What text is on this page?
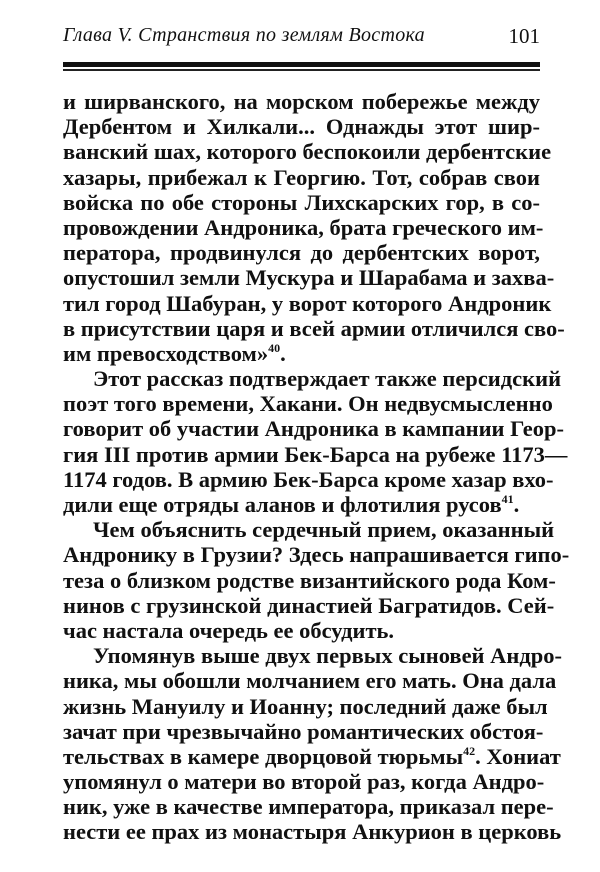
Глава V. Странствия по землям Востока	101
и ширванского, на морском побережье между
Дербентом и Хилкали... Однажды этот шир-
ванский шах, которого беспокоили дербентские
хазары, прибежал к Георгию. Тот, собрав свои
войска по обе стороны Лихскарских гор, в со-
провождении Андроника, брата греческого им-
ператора, продвинулся до дербентских ворот,
опустошил земли Мускура и Шарабама и захва-
тил город Шабуран, у ворот которого Андроник
в присутствии царя и всей армии отличился сво-
им превосходством»$^{40}$.
Этот рассказ подтверждает также персидский
поэт того времени, Хакани. Он недвусмысленно
говорит об участии Андроника в кампании Геор-
гия III против армии Бек-Барса на рубеже 1173—
1174 годов. В армию Бек-Барса кроме хазар вхо-
дили еще отряды аланов и флотилия русов$^{41}$.
Чем объяснить сердечный прием, оказанный
Андронику в Грузии? Здесь напрашивается гипо-
теза о близком родстве византийского рода Ком-
нинов с грузинской династией Багратидов. Сей-
час настала очередь ее обсудить.
Упомянув выше двух первых сыновей Андро-
ника, мы обошли молчанием его мать. Она дала
жизнь Мануилу и Иоанну; последний даже был
зачат при чрезвычайно романтических обстоя-
тельствах в камере дворцовой тюрьмы$^{42}$. Хониат
упомянул о матери во второй раз, когда Андро-
ник, уже в качестве императора, приказал пере-
нести ее прах из монастыря Анкурион в церковь
